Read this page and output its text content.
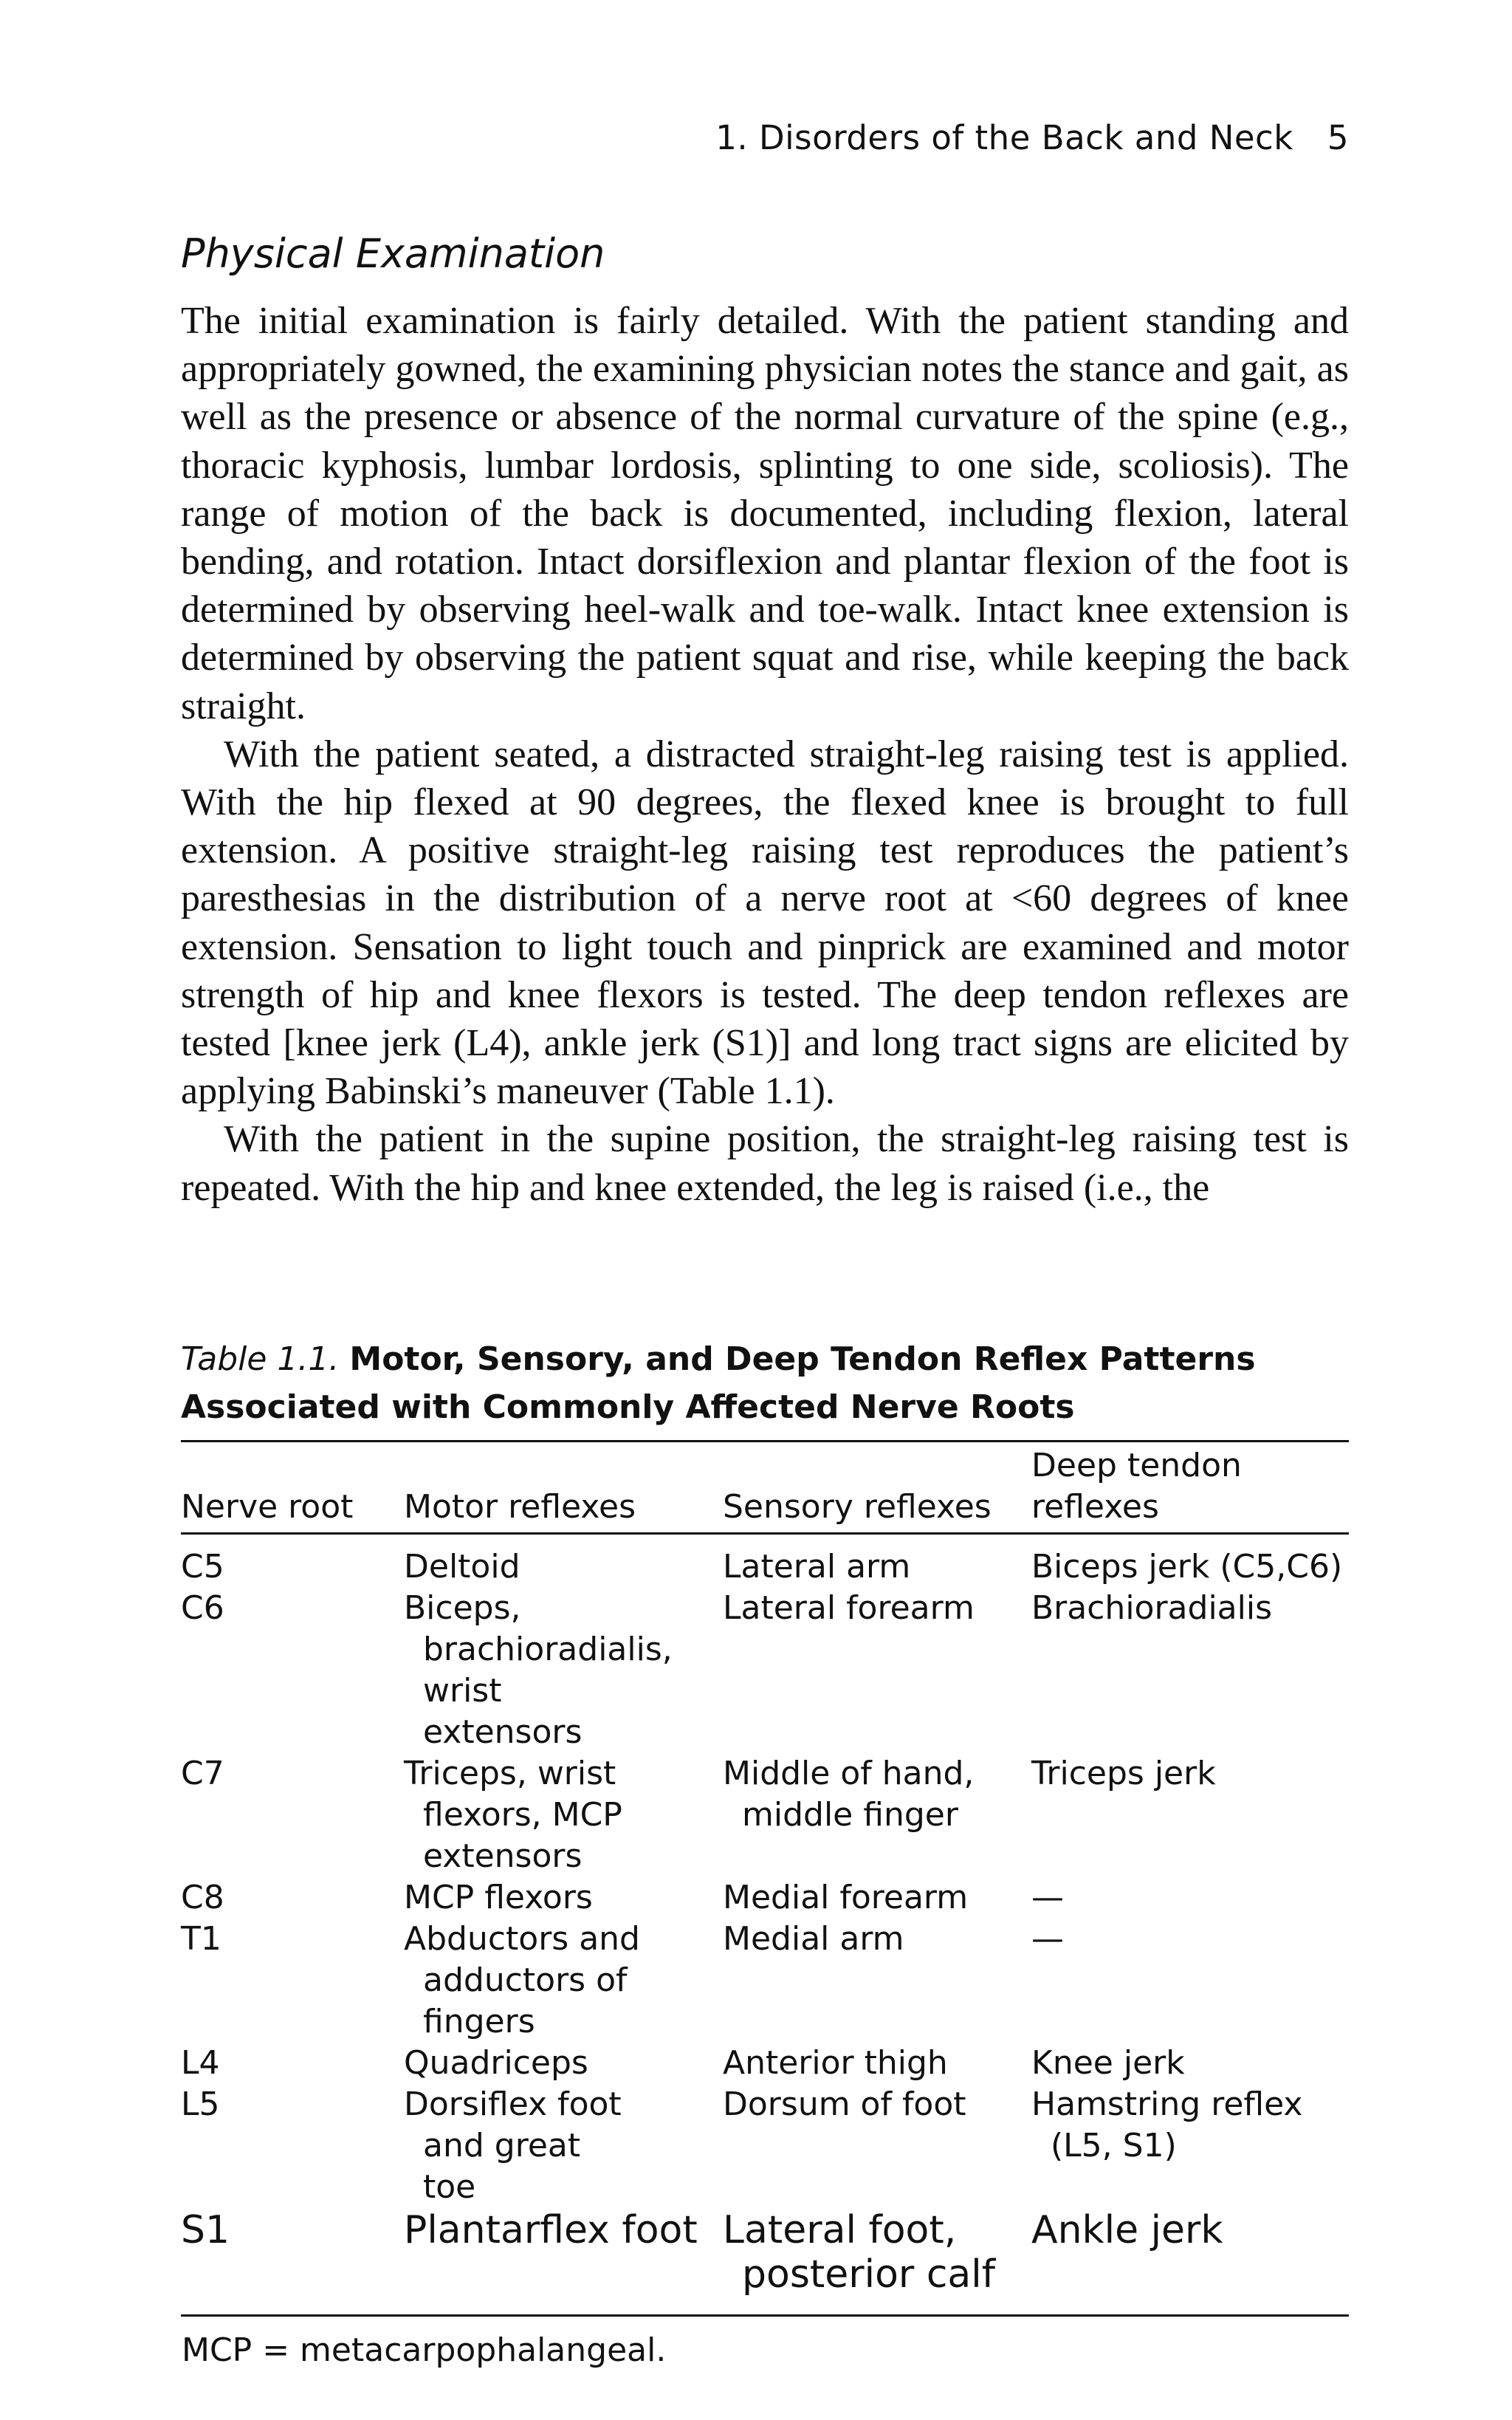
1. Disorders of the Back and Neck 5
Physical Examination

The initial examination is fairly detailed. With the patient standing and appropriately gowned, the examining physician notes the stance and gait, as well as the presence or absence of the normal curvature of the spine (e.g., thoracic kyphosis, lumbar lordosis, splinting to one side, scoliosis). The range of motion of the back is documented, including flexion, lateral bending, and rotation. Intact dorsiflexion and plantar flexion of the foot is determined by observing heel-walk and toe-walk. Intact knee extension is determined by observing the patient squat and rise, while keeping the back straight.

With the patient seated, a distracted straight-leg raising test is applied. With the hip flexed at 90 degrees, the flexed knee is brought to full extension. A positive straight-leg raising test reproduces the patient’s paresthesias in the distribution of a nerve root at <60 degrees of knee extension. Sensation to light touch and pinprick are examined and motor strength of hip and knee flexors is tested. The deep tendon reflexes are tested [knee jerk (L4), ankle jerk (S1)] and long tract signs are elicited by applying Babinski’s maneuver (Table 1.1).

With the patient in the supine position, the straight-leg raising test is repeated. With the hip and knee extended, the leg is raised (i.e., the

Table 1.1. Motor, Sensory, and Deep Tendon Reflex Patterns Associated with Commonly Affected Nerve Roots

Nerve root	Motor reflexes	Sensory reflexes	Deep tendon reflexes
C5	Deltoid	Lateral arm	Biceps jerk (C5,C6)

C6	Biceps, brachioradialis, wrist extensors	Lateral forearm	Brachioradialis

C7	Triceps, wrist flexors, MCP extensors	Middle of hand, middle finger	Triceps jerk

C8	MCP flexors	Medial forearm	—

T1	Abductors and adductors of fingers	Medial arm	—

L4	Quadriceps	Anterior thigh	Knee jerk

L5	Dorsiflex foot and great toe	Dorsum of foot	Hamstring reflex (L5, S1)

S1	Plantarflex foot	Lateral foot, posterior calf	Ankle jerk

MCP = metacarpophalangeal.			
